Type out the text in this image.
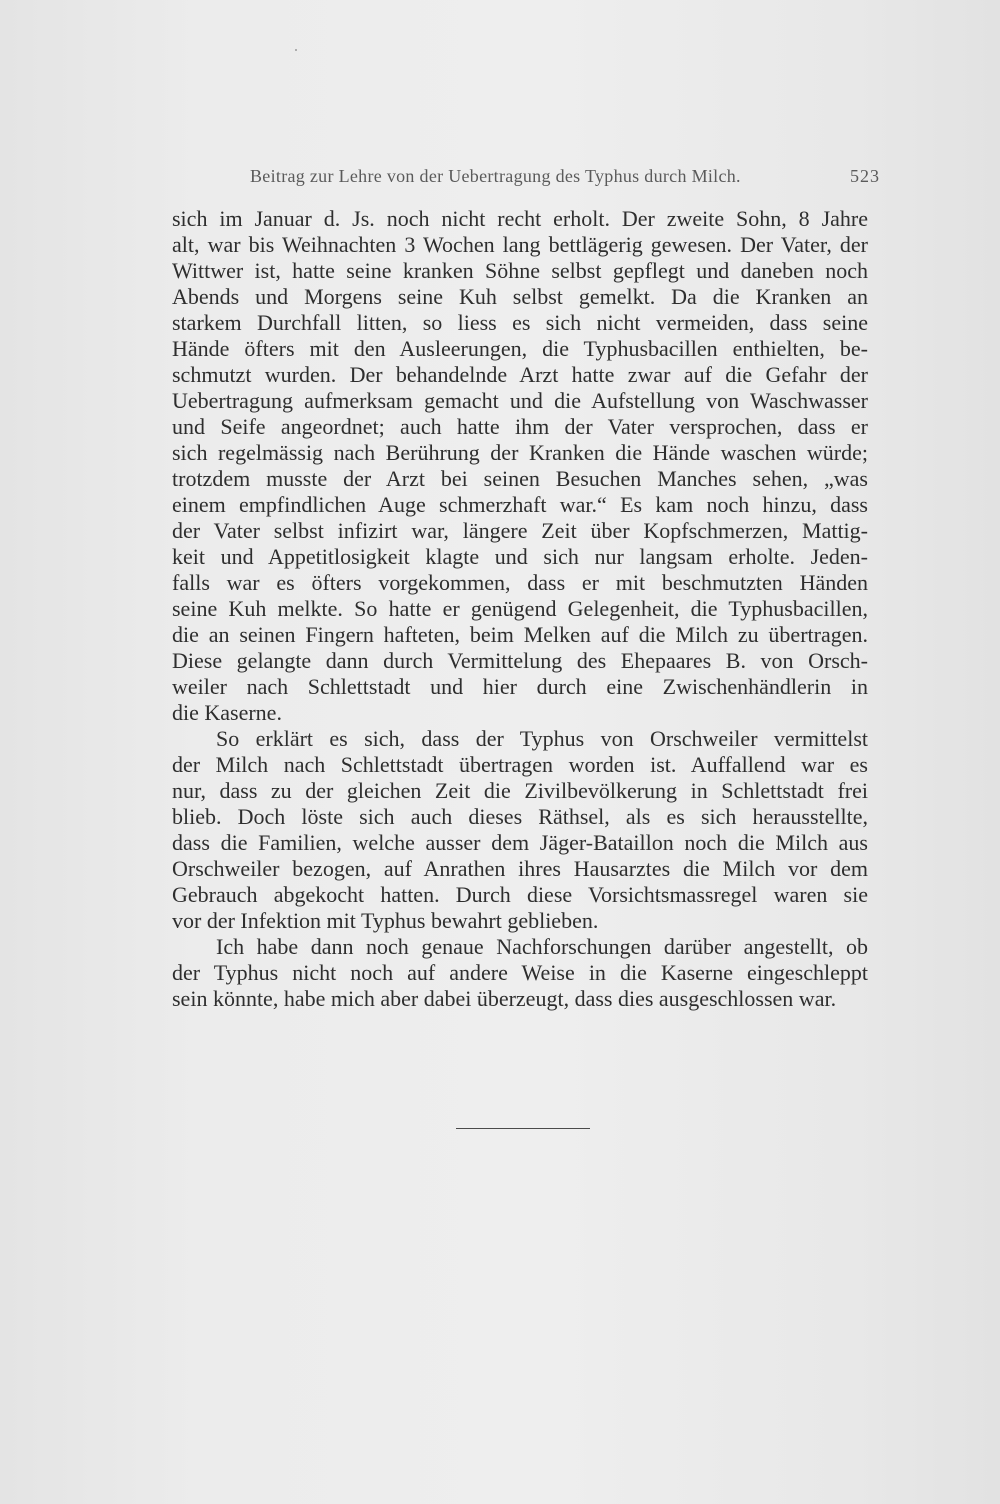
Beitrag zur Lehre von der Uebertragung des Typhus durch Milch.	523
sich im Januar d. Js. noch nicht recht erholt. Der zweite Sohn, 8 Jahre
alt, war bis Weihnachten 3 Wochen lang bettlägerig gewesen. Der Vater, der
Wittwer ist, hatte seine kranken Söhne selbst gepflegt und daneben noch
Abends und Morgens seine Kuh selbst gemelkt. Da die Kranken an
starkem Durchfall litten, so liess es sich nicht vermeiden, dass seine
Hände öfters mit den Ausleerungen, die Typhusbacillen enthielten, be-
schmutzt wurden. Der behandelnde Arzt hatte zwar auf die Gefahr der
Uebertragung aufmerksam gemacht und die Aufstellung von Waschwasser
und Seife angeordnet; auch hatte ihm der Vater versprochen, dass er
sich regelmässig nach Berührung der Kranken die Hände waschen würde;
trotzdem musste der Arzt bei seinen Besuchen Manches sehen, „was
einem empfindlichen Auge schmerzhaft war.“ Es kam noch hinzu, dass
der Vater selbst infizirt war, längere Zeit über Kopfschmerzen, Mattig-
keit und Appetitlosigkeit klagte und sich nur langsam erholte. Jeden-
falls war es öfters vorgekommen, dass er mit beschmutzten Händen
seine Kuh melkte. So hatte er genügend Gelegenheit, die Typhusbacillen,
die an seinen Fingern hafteten, beim Melken auf die Milch zu übertragen.
Diese gelangte dann durch Vermittelung des Ehepaares B. von Orsch-
weiler nach Schlettstadt und hier durch eine Zwischenhändlerin in
die Kaserne.
So erklärt es sich, dass der Typhus von Orschweiler vermittelst
der Milch nach Schlettstadt übertragen worden ist. Auffallend war es
nur, dass zu der gleichen Zeit die Zivilbevölkerung in Schlettstadt frei
blieb. Doch löste sich auch dieses Räthsel, als es sich herausstellte,
dass die Familien, welche ausser dem Jäger-Bataillon noch die Milch aus
Orschweiler bezogen, auf Anrathen ihres Hausarztes die Milch vor dem
Gebrauch abgekocht hatten. Durch diese Vorsichtsmassregel waren sie
vor der Infektion mit Typhus bewahrt geblieben.
Ich habe dann noch genaue Nachforschungen darüber angestellt, ob
der Typhus nicht noch auf andere Weise in die Kaserne eingeschleppt
sein könnte, habe mich aber dabei überzeugt, dass dies ausgeschlossen war.
